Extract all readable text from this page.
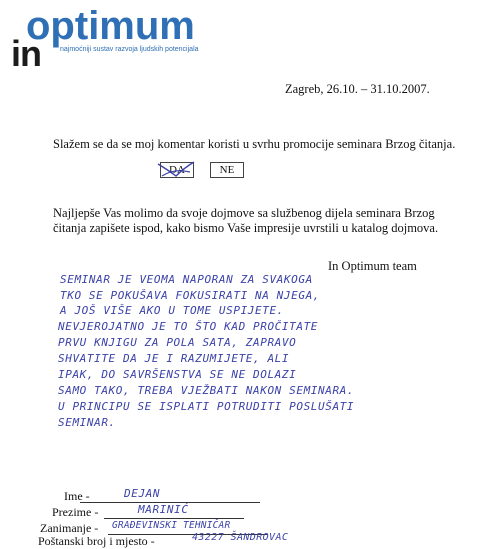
optimum
in	najmoćniji sustav razvoja ljudskih potencijala
Zagreb, 26.10. – 31.10.2007.
Slažem se da se moj komentar koristi u svrhu promocije seminara Brzog čitanja.
DA	NE
Najljepše Vas molimo da svoje dojmove sa službenog dijela seminara Brzog
čitanja zapišete ispod, kako bismo Vaše impresije uvrstili u katalog dojmova.
In Optimum team
SEMINAR JE VEOMA NAPORAN ZA SVAKOGA
TKO SE POKUŠAVA FOKUSIRATI NA NJEGA,
A JOŠ VIŠE AKO U TOME USPIJETE.
NEVJEROJATNO JE TO ŠTO KAD PROČITATE
PRVU KNJIGU ZA POLA SATA, ZAPRAVO
SHVATITE DA JE I RAZUMIJETE, ALI
IPAK, DO SAVRŠENSTVA SE NE DOLAZI
SAMO TAKO, TREBA VJEŽBATI NAKON SEMINARA.
U PRINCIPU SE ISPLATI POTRUDITI POSLUŠATI
SEMINAR.
Ime -	DEJAN
Prezime -	MARINIĆ
Zanimanje - GRAĐEVINSKI TEHNIČAR
Poštanski broj i mjesto -	43227 ŠANDROVAC
